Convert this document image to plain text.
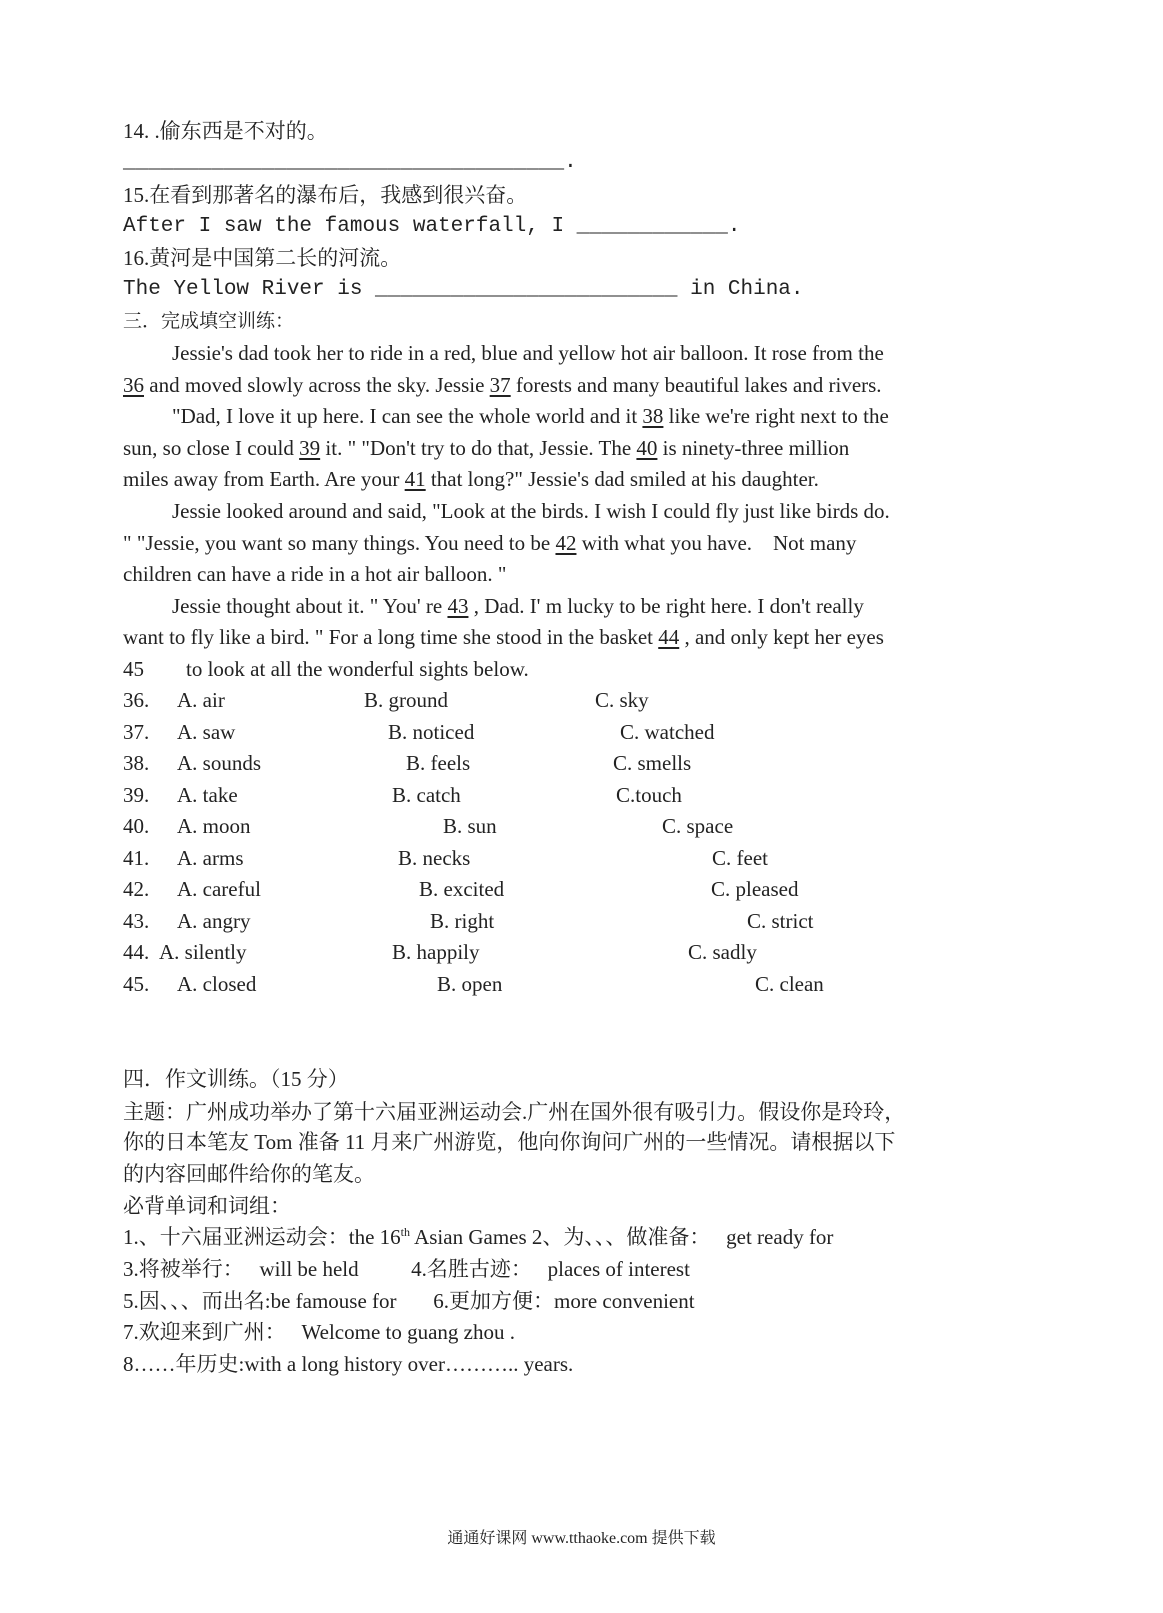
14. .偷东西是不对的。
___________________________________.
15.在看到那著名的瀑布后，我感到很兴奋。
After I saw the famous waterfall, I ____________.
16.黄河是中国第二长的河流。
The Yellow River is ________________________ in China.
三．完成填空训练：
Jessie's dad took her to ride in a red, blue and yellow hot air balloon. It rose from the
36 and moved slowly across the sky. Jessie 37 forests and many beautiful lakes and rivers.
"Dad, I love it up here. I can see the whole world and it 38 like we're right next to the
sun, so close I could 39 it. " "Don't try to do that, Jessie. The 40 is ninety-three million
miles away from Earth. Are your 41 that long?" Jessie's dad smiled at his daughter.
Jessie looked around and said, "Look at the birds. I wish I could fly just like birds do.
" "Jessie, you want so many things. You need to be 42 with what you have.    Not many
children can have a ride in a hot air balloon. "
Jessie thought about it. " You' re 43 , Dad. I' m lucky to be right here. I don't really
want to fly like a bird. " For a long time she stood in the basket 44 , and only kept her eyes
45        to look at all the wonderful sights below.

36.

A. air

	B. ground

	C. sky

37.

A. saw

	B. noticed

	C. watched

38.

A. sounds

	B. feels

	C. smells

39.

A. take

	B. catch

	C.touch

40.

A. moon

	B. sun

	C. space

41.

A. arms

	B. necks

	C. feet

42.

A. careful

	B. excited

	C. pleased

43.

A. angry

	B. right

	C. strict

44.

A. silently

	B. happily

	C. sadly

45.

A. closed

	B. open

	C. clean

四．作文训练。（15 分）
主题：广州成功举办了第十六届亚洲运动会.广州在国外很有吸引力。假设你是玲玲，
你的日本笔友 Tom 准备 11 月来广州游览，他向你询问广州的一些情况。请根据以下
的内容回邮件给你的笔友。
必背单词和词组：
1.、十六届亚洲运动会：the 16th Asian Games 2、为、、、做准备：   get ready for
3.将被举行：   will be held          4.名胜古迹：   places of interest
5.因、、、而出名:be famouse for       6.更加方便：more convenient
7.欢迎来到广州：   Welcome to guang zhou .
8……年历史:with a long history over……….. years.
通通好课网 www.tthaoke.com 提供下载
